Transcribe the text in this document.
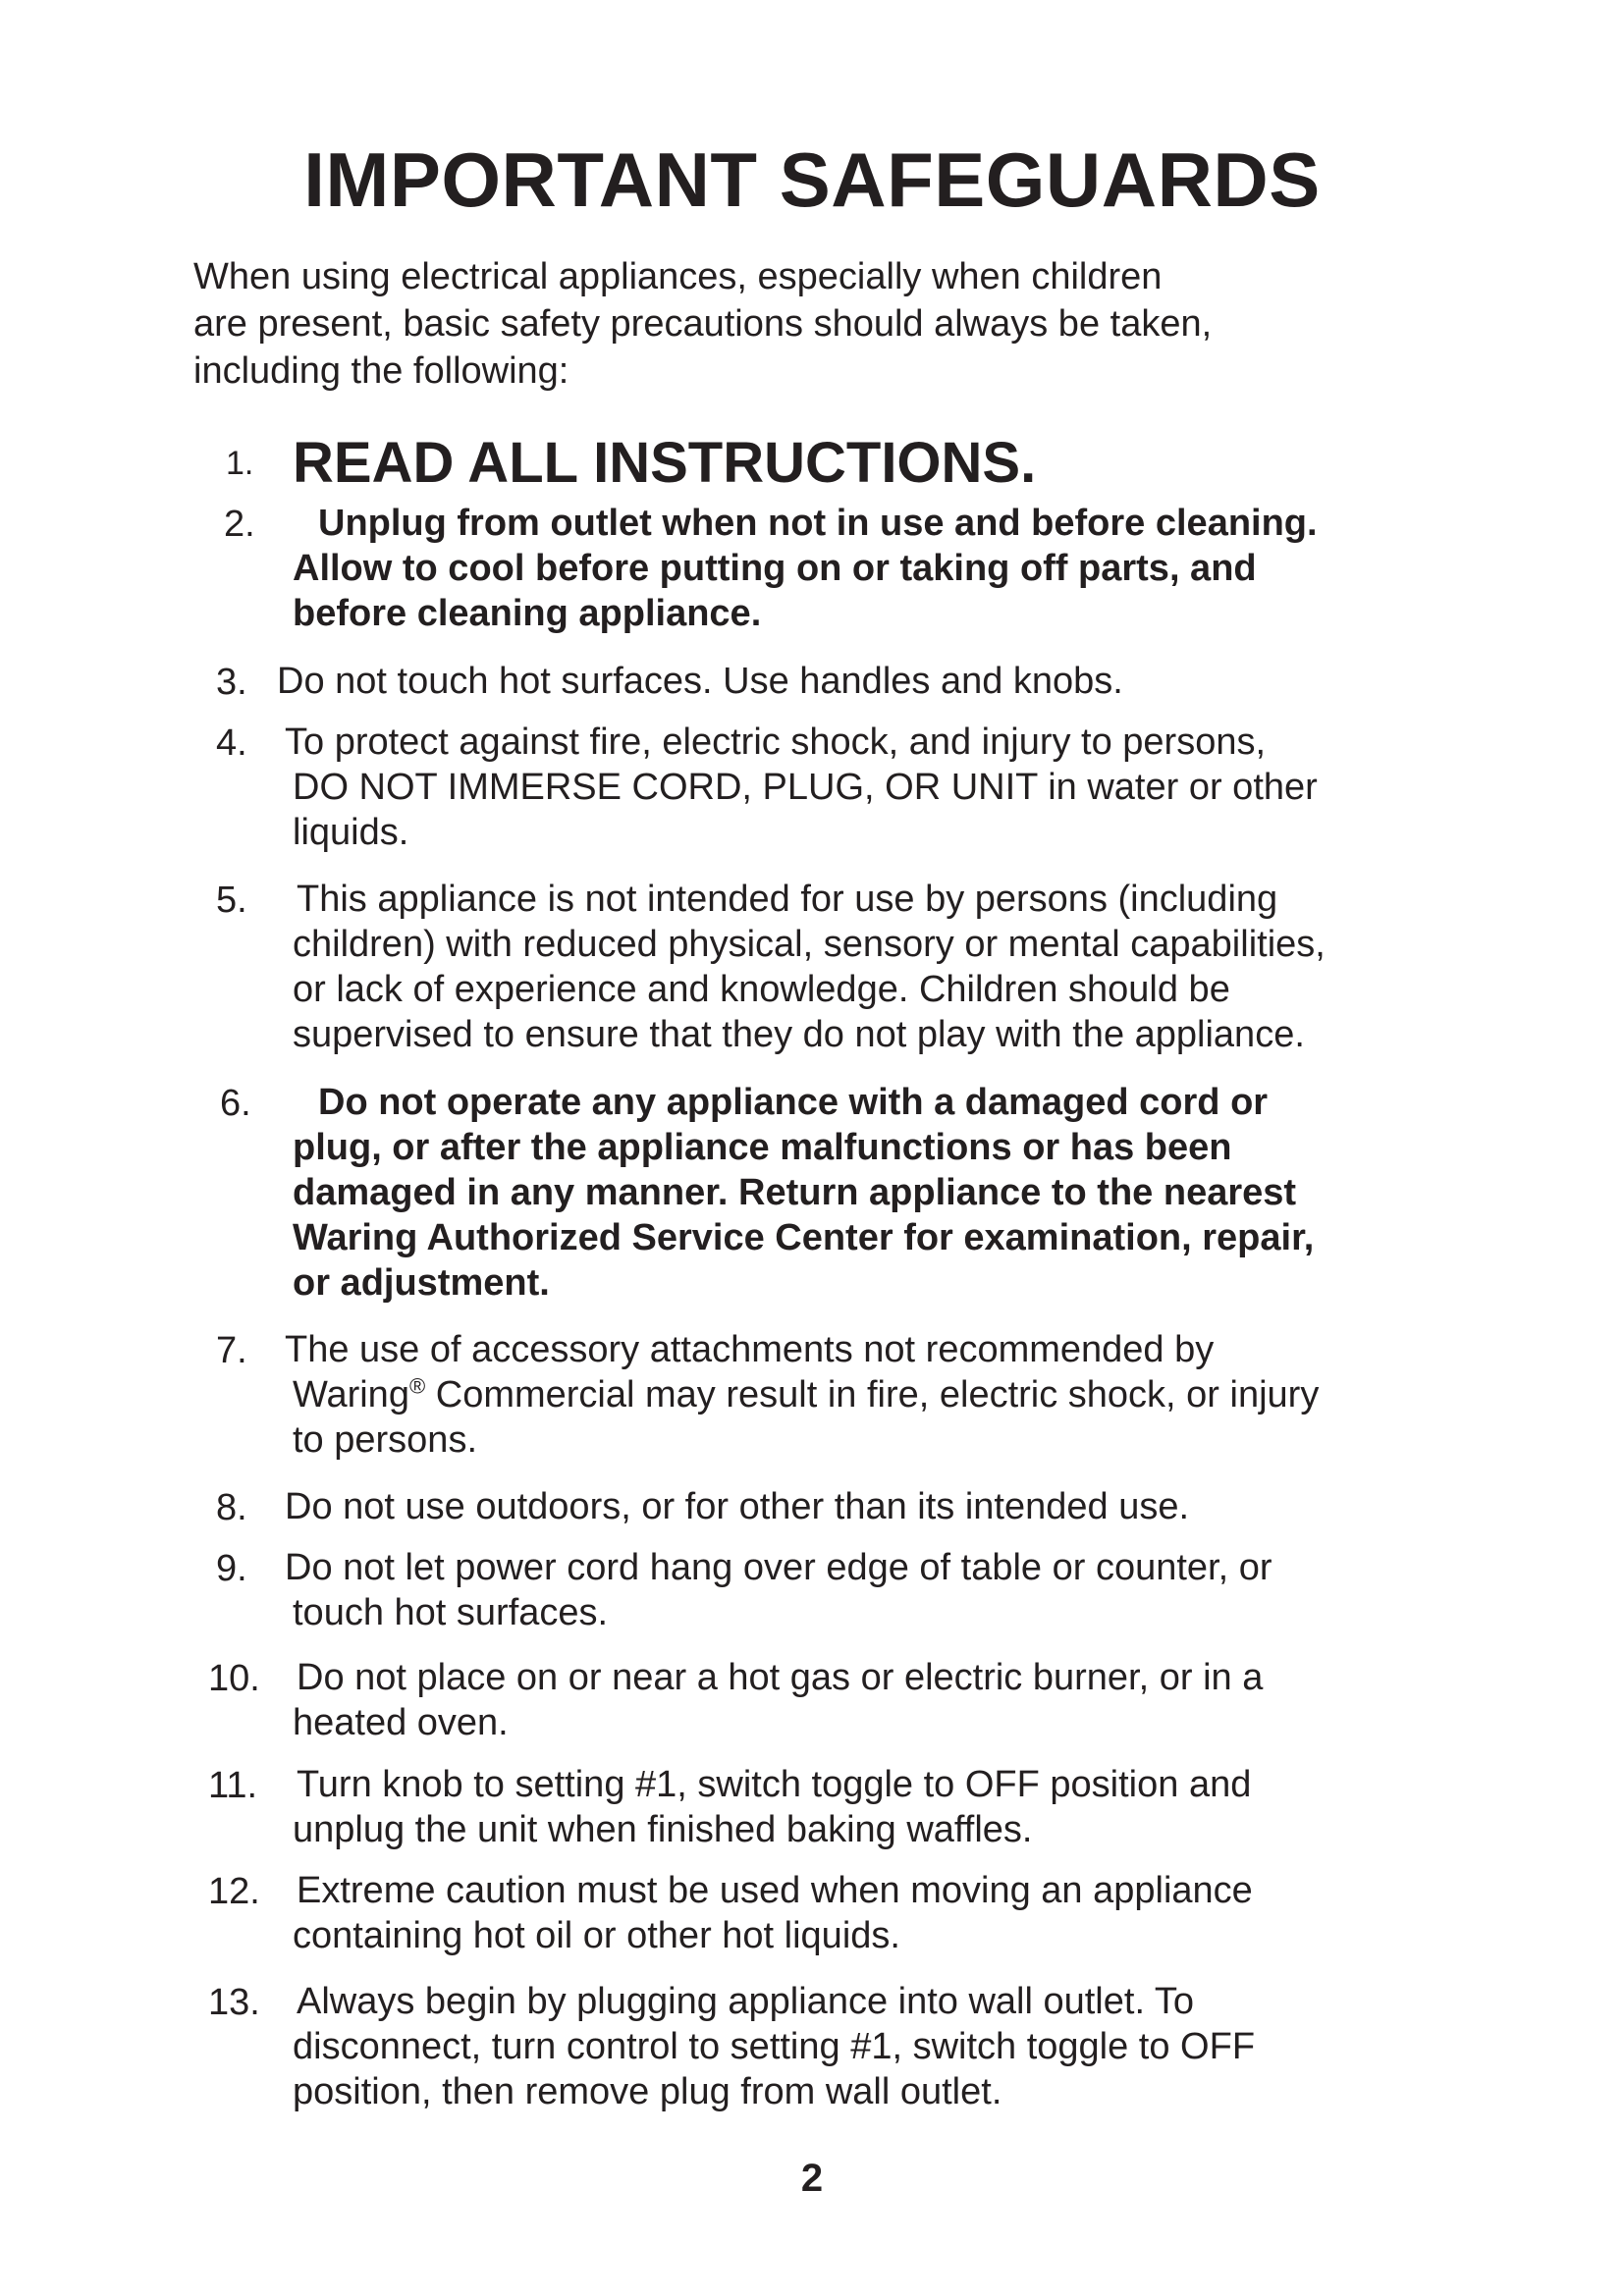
IMPORTANT SAFEGUARDS
When using electrical appliances, especially when children
are present, basic safety precautions should always be taken,
including the following:
1. READ ALL INSTRUCTIONS.
2.	Unplug from outlet when not in use and before cleaning.
Allow to cool before putting on or taking off parts, and
before cleaning appliance.
3. Do not touch hot surfaces. Use handles and knobs.
4. To protect against fire, electric shock, and injury to persons,
DO NOT IMMERSE CORD, PLUG, OR UNIT in water or other
liquids.
5. This appliance is not intended for use by persons (including
children) with reduced physical, sensory or mental capabilities,
or lack of experience and knowledge. Children should be
supervised to ensure that they do not play with the appliance.
6.	Do not operate any appliance with a damaged cord or
plug, or after the appliance malfunctions or has been
damaged in any manner. Return appliance to the nearest
Waring Authorized Service Center for examination, repair,
or adjustment.
7. The use of accessory attachments not recommended by
Waring® Commercial may result in fire, electric shock, or injury
to persons.
8. Do not use outdoors, or for other than its intended use.
9. Do not let power cord hang over edge of table or counter, or
touch hot surfaces.
10. Do not place on or near a hot gas or electric burner, or in a
heated oven.
11. Turn knob to setting #1, switch toggle to OFF position and
unplug the unit when finished baking waffles.
12. Extreme caution must be used when moving an appliance
containing hot oil or other hot liquids.
13. Always begin by plugging appliance into wall outlet. To
disconnect, turn control to setting #1, switch toggle to OFF
position, then remove plug from wall outlet.
2
